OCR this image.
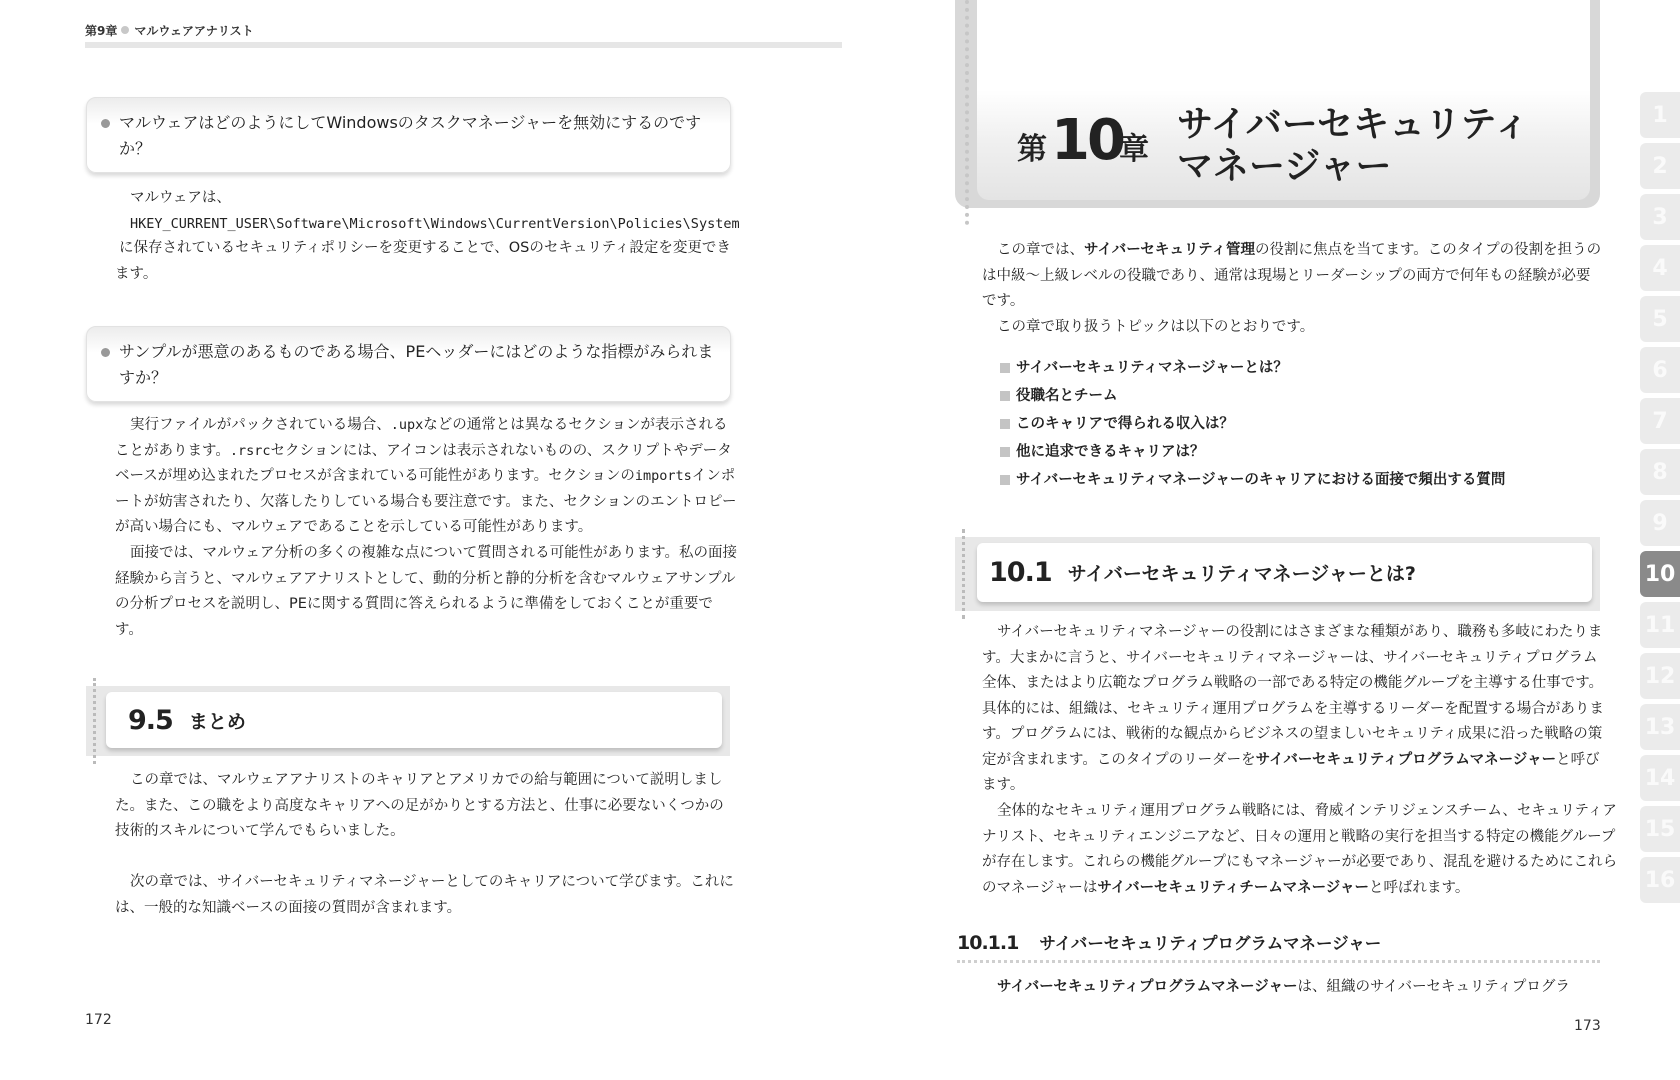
第9章 マルウェアアナリスト
マルウェアはどのようにしてWindowsのタスクマネージャーを無効にするのですか？
マルウェアは、
HKEY_CURRENT_USER\Software\Microsoft\Windows\CurrentVersion\Policies\System
に保存されているセキュリティポリシーを変更することで、OSのセキュリティ設定を変更できます。
サンプルが悪意のあるものである場合、PEヘッダーにはどのような指標がみられますか？
実行ファイルがパックされている場合、.upxなどの通常とは異なるセクションが表示されることがあります。.rsrcセクションには、アイコンは表示されないものの、スクリプトやデータベースが埋め込まれたプロセスが含まれている可能性があります。セクションのimportsインポートが妨害されたり、欠落したりしている場合も要注意です。また、セクションのエントロピーが高い場合にも、マルウェアであることを示している可能性があります。
面接では、マルウェア分析の多くの複雑な点について質問される可能性があります。私の面接経験から言うと、マルウェアアナリストとして、動的分析と静的分析を含むマルウェアサンプルの分析プロセスを説明し、PEに関する質問に答えられるように準備をしておくことが重要です。
9.5 まとめ
この章では、マルウェアアナリストのキャリアとアメリカでの給与範囲について説明しました。また、この職をより高度なキャリアへの足がかりとする方法と、仕事に必要ないくつかの技術的スキルについて学んでもらいました。
次の章では、サイバーセキュリティマネージャーとしてのキャリアについて学びます。これには、一般的な知識ベースの面接の質問が含まれます。
172
第 10
章
サイバーセキュリティ
マネージャー
この章では、サイバーセキュリティ管理の役割に焦点を当てます。このタイプの役割を担うのは中級〜上級レベルの役職であり、通常は現場とリーダーシップの両方で何年もの経験が必要です。
この章で取り扱うトピックは以下のとおりです。
サイバーセキュリティマネージャーとは？
役職名とチーム
このキャリアで得られる収入は？
他に追求できるキャリアは？
サイバーセキュリティマネージャーのキャリアにおける面接で頻出する質問
10.1 サイバーセキュリティマネージャーとは?
サイバーセキュリティマネージャーの役割にはさまざまな種類があり、職務も多岐にわたります。大まかに言うと、サイバーセキュリティマネージャーは、サイバーセキュリティプログラム全体、またはより広範なプログラム戦略の一部である特定の機能グループを主導する仕事です。具体的には、組織は、セキュリティ運用プログラムを主導するリーダーを配置する場合があります。プログラムには、戦術的な観点からビジネスの望ましいセキュリティ成果に沿った戦略の策定が含まれます。このタイプのリーダーをサイバーセキュリティプログラムマネージャーと呼びます。
全体的なセキュリティ運用プログラム戦略には、脅威インテリジェンスチーム、セキュリティアナリスト、セキュリティエンジニアなど、日々の運用と戦略の実行を担当する特定の機能グループが存在します。これらの機能グループにもマネージャーが必要であり、混乱を避けるためにこれらのマネージャーはサイバーセキュリティチームマネージャーと呼ばれます。
10.1.1 サイバーセキュリティプログラムマネージャー
サイバーセキュリティプログラムマネージャーは、組織のサイバーセキュリティプログラ
173
1
2
3
4
5
6
7
8
9
10
11
12
13
14
15
16
